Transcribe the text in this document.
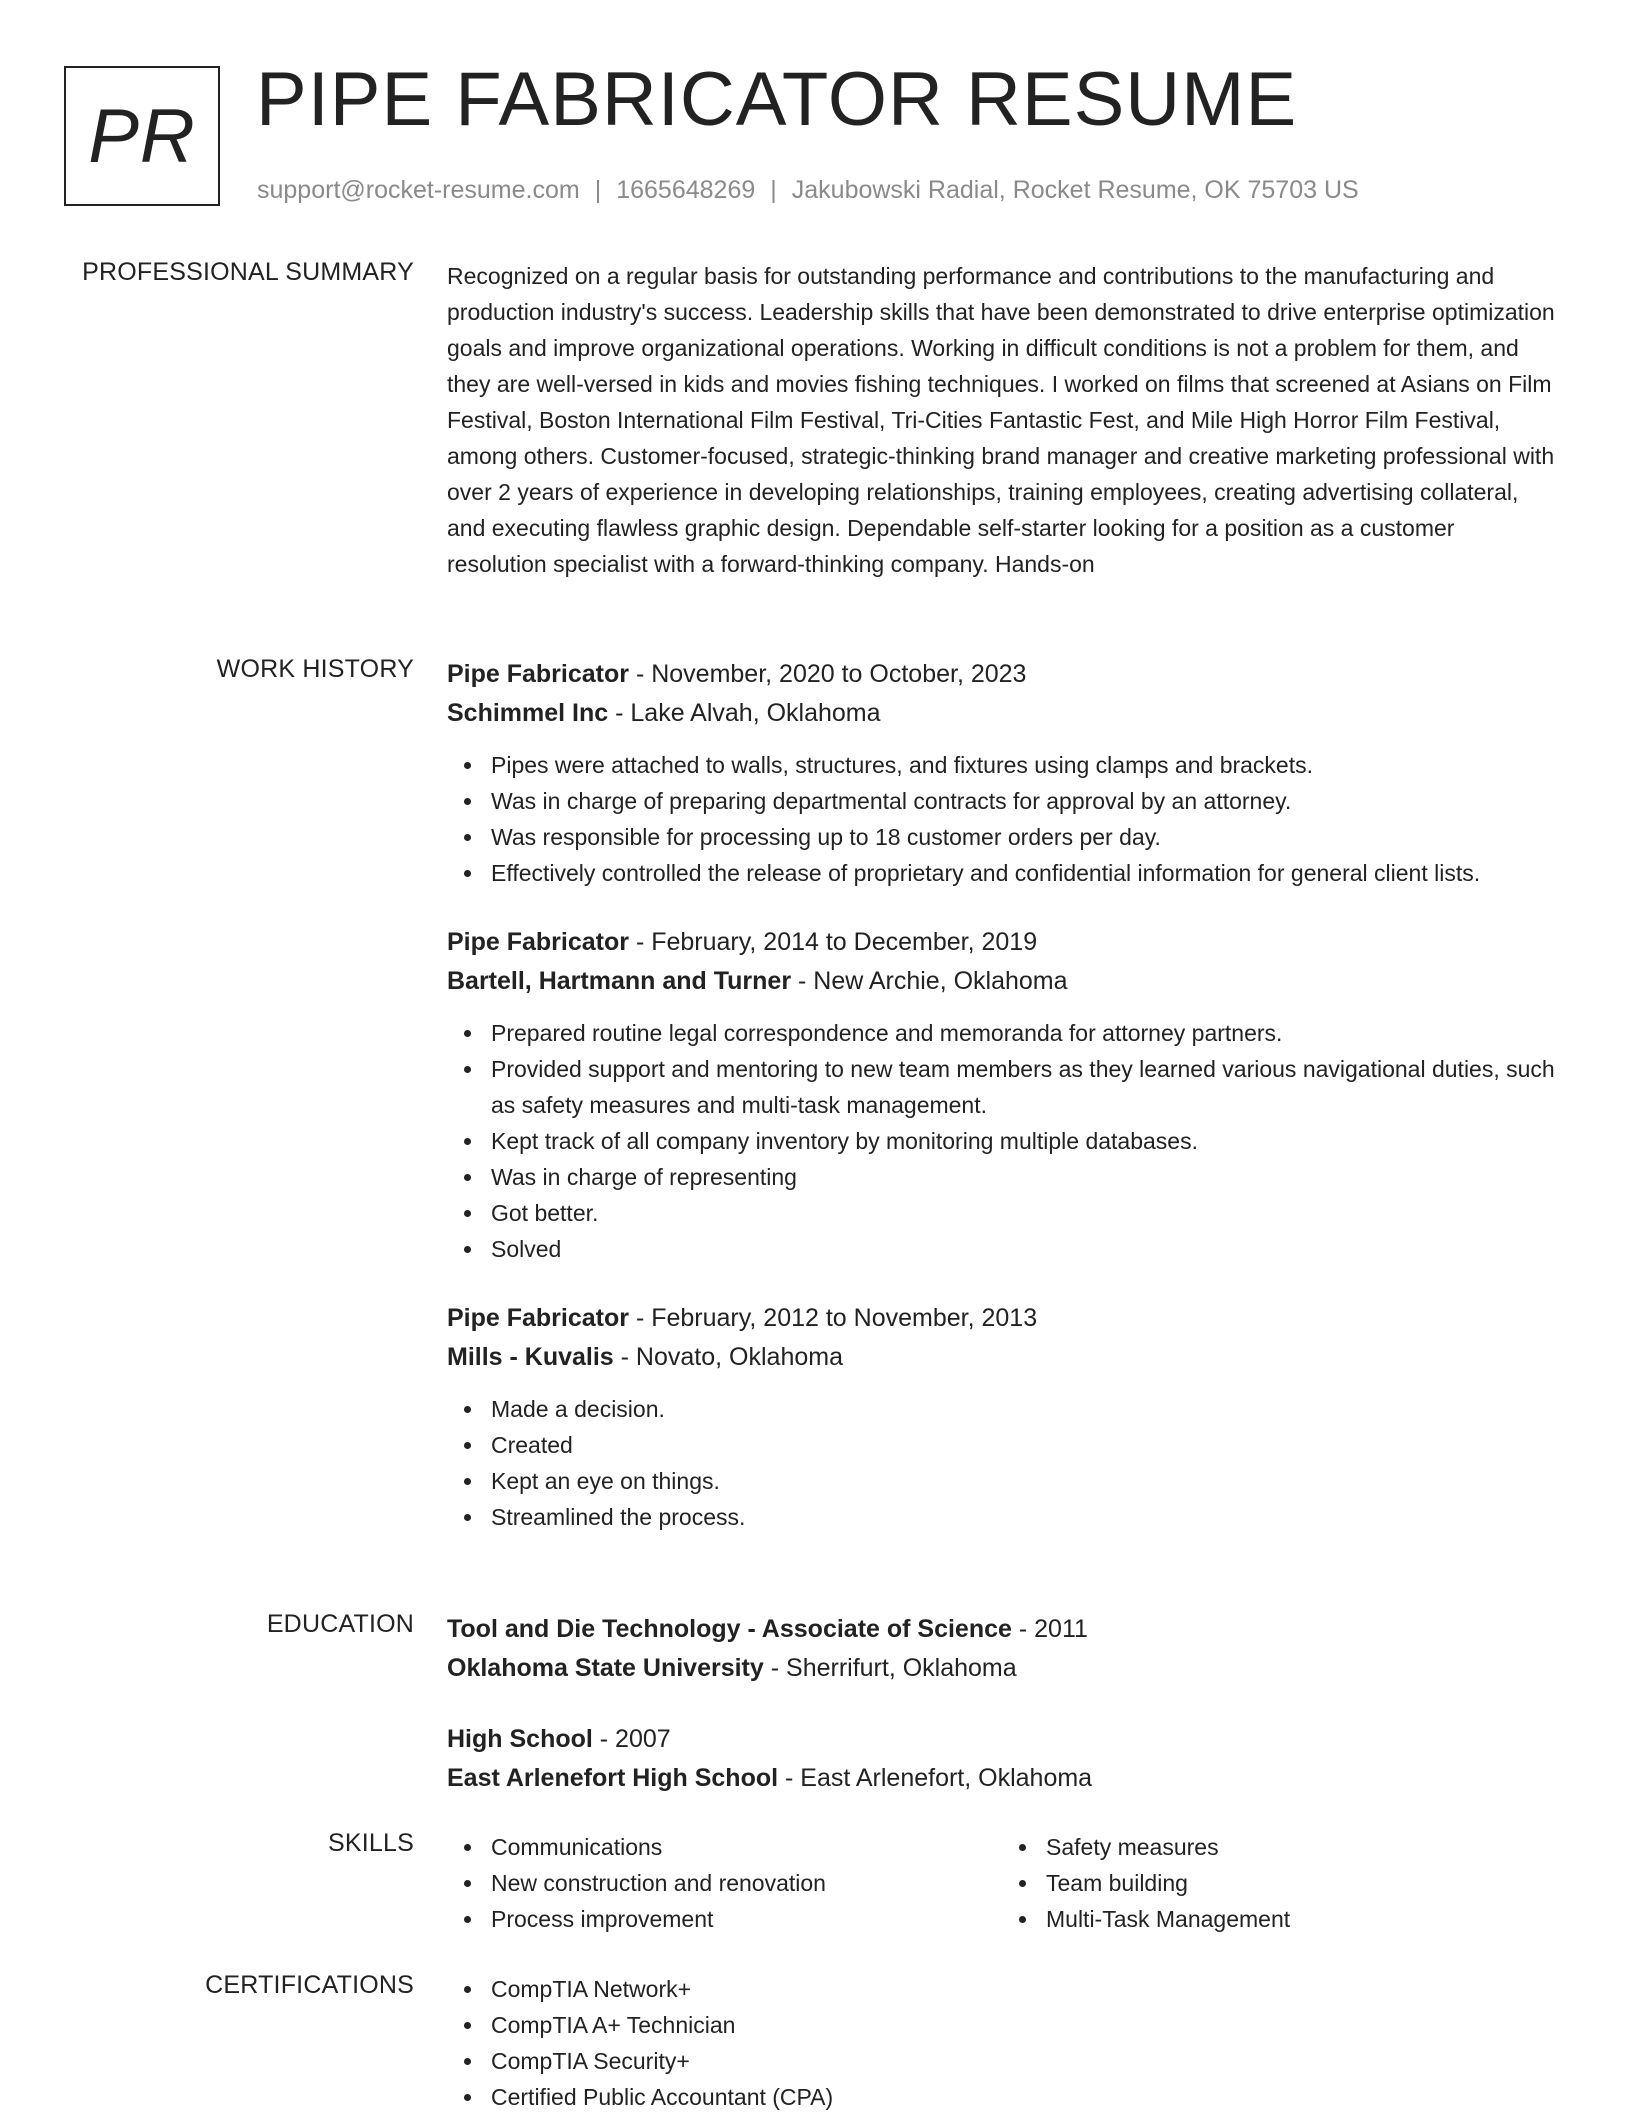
PR PIPE FABRICATOR RESUME
support@rocket-resume.com | 1665648269 | Jakubowski Radial, Rocket Resume, OK 75703 US
PROFESSIONAL SUMMARY Recognized on a regular basis for outstanding performance and contributions to the manufacturing and production industry's success. Leadership skills that have been demonstrated to drive enterprise optimization goals and improve organizational operations. Working in difficult conditions is not a problem for them, and they are well-versed in kids and movies fishing techniques. I worked on films that screened at Asians on Film Festival, Boston International Film Festival, Tri-Cities Fantastic Fest, and Mile High Horror Film Festival, among others. Customer-focused, strategic-thinking brand manager and creative marketing professional with over 2 years of experience in developing relationships, training employees, creating advertising collateral, and executing flawless graphic design. Dependable self-starter looking for a position as a customer resolution specialist with a forward-thinking company. Hands-on

WORK HISTORY Pipe Fabricator - November, 2020 to October, 2023

Schimmel Inc - Lake Alvah, Oklahoma

Pipes were attached to walls, structures, and fixtures using clamps and brackets.
Was in charge of preparing departmental contracts for approval by an attorney.
Was responsible for processing up to 18 customer orders per day.
Effectively controlled the release of proprietary and confidential information for general client lists.

Pipe Fabricator - February, 2014 to December, 2019

Bartell, Hartmann and Turner - New Archie, Oklahoma

Prepared routine legal correspondence and memoranda for attorney partners.
Provided support and mentoring to new team members as they learned various navigational duties, such as safety measures and multi-task management.
Kept track of all company inventory by monitoring multiple databases.
Was in charge of representing
Got better.
Solved

Pipe Fabricator - February, 2012 to November, 2013

Mills - Kuvalis - Novato, Oklahoma

Made a decision.
Created
Kept an eye on things.
Streamlined the process.
EDUCATION Tool and Die Technology - Associate of Science - 2011

Oklahoma State University - Sherrifurt, Oklahoma

High School - 2007

East Arlenefort High School - East Arlenefort, Oklahoma

SKILLS	Communications
New construction and renovation
Process improvement
Safety measures
Team building
Multi-Task Management
CERTIFICATIONS	CompTIA Network+
CompTIA A+ Technician
CompTIA Security+
Certified Public Accountant (CPA)
